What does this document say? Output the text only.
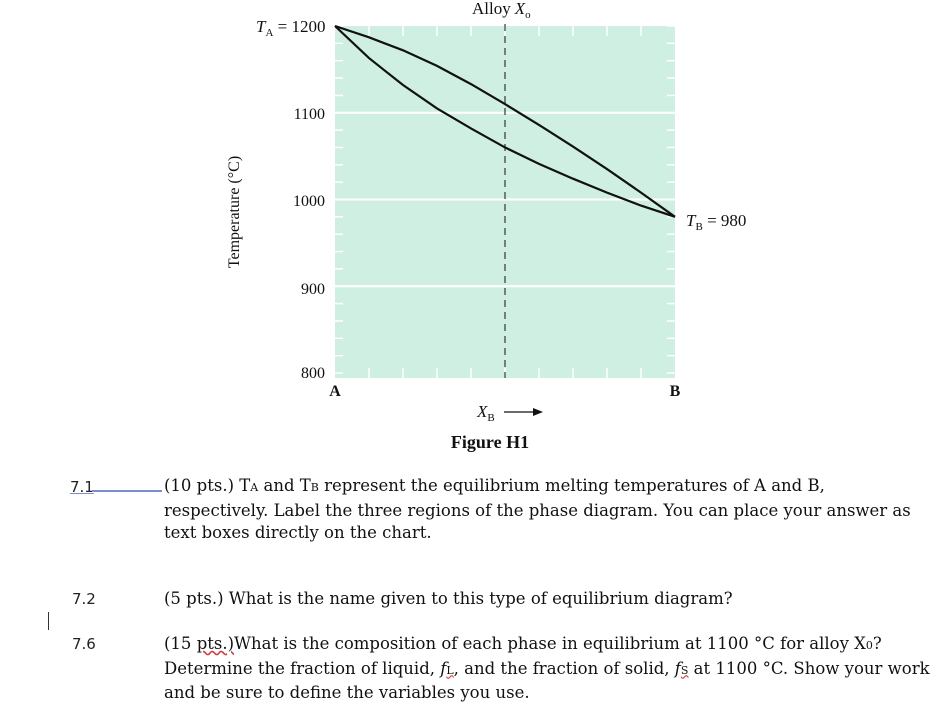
Alloy $X_o$
$T_A = 1200$
$T_B = 980$
1100
1000
900
800
Temperature (°C)
A	B
$X_B$
Figure H1
7.1	(10 pts.) TA and TB represent the equilibrium melting temperatures of A and B, respectively. Label the three regions of the phase diagram. You can place your answer as text boxes directly on the chart.
7.2	(5 pts.) What is the name given to this type of equilibrium diagram?
7.6	(15 pts.)What is the composition of each phase in equilibrium at 1100 °C for alloy X0? Determine the fraction of liquid, fL, and the fraction of solid, fS at 1100 °C. Show your work and be sure to define the variables you use.
